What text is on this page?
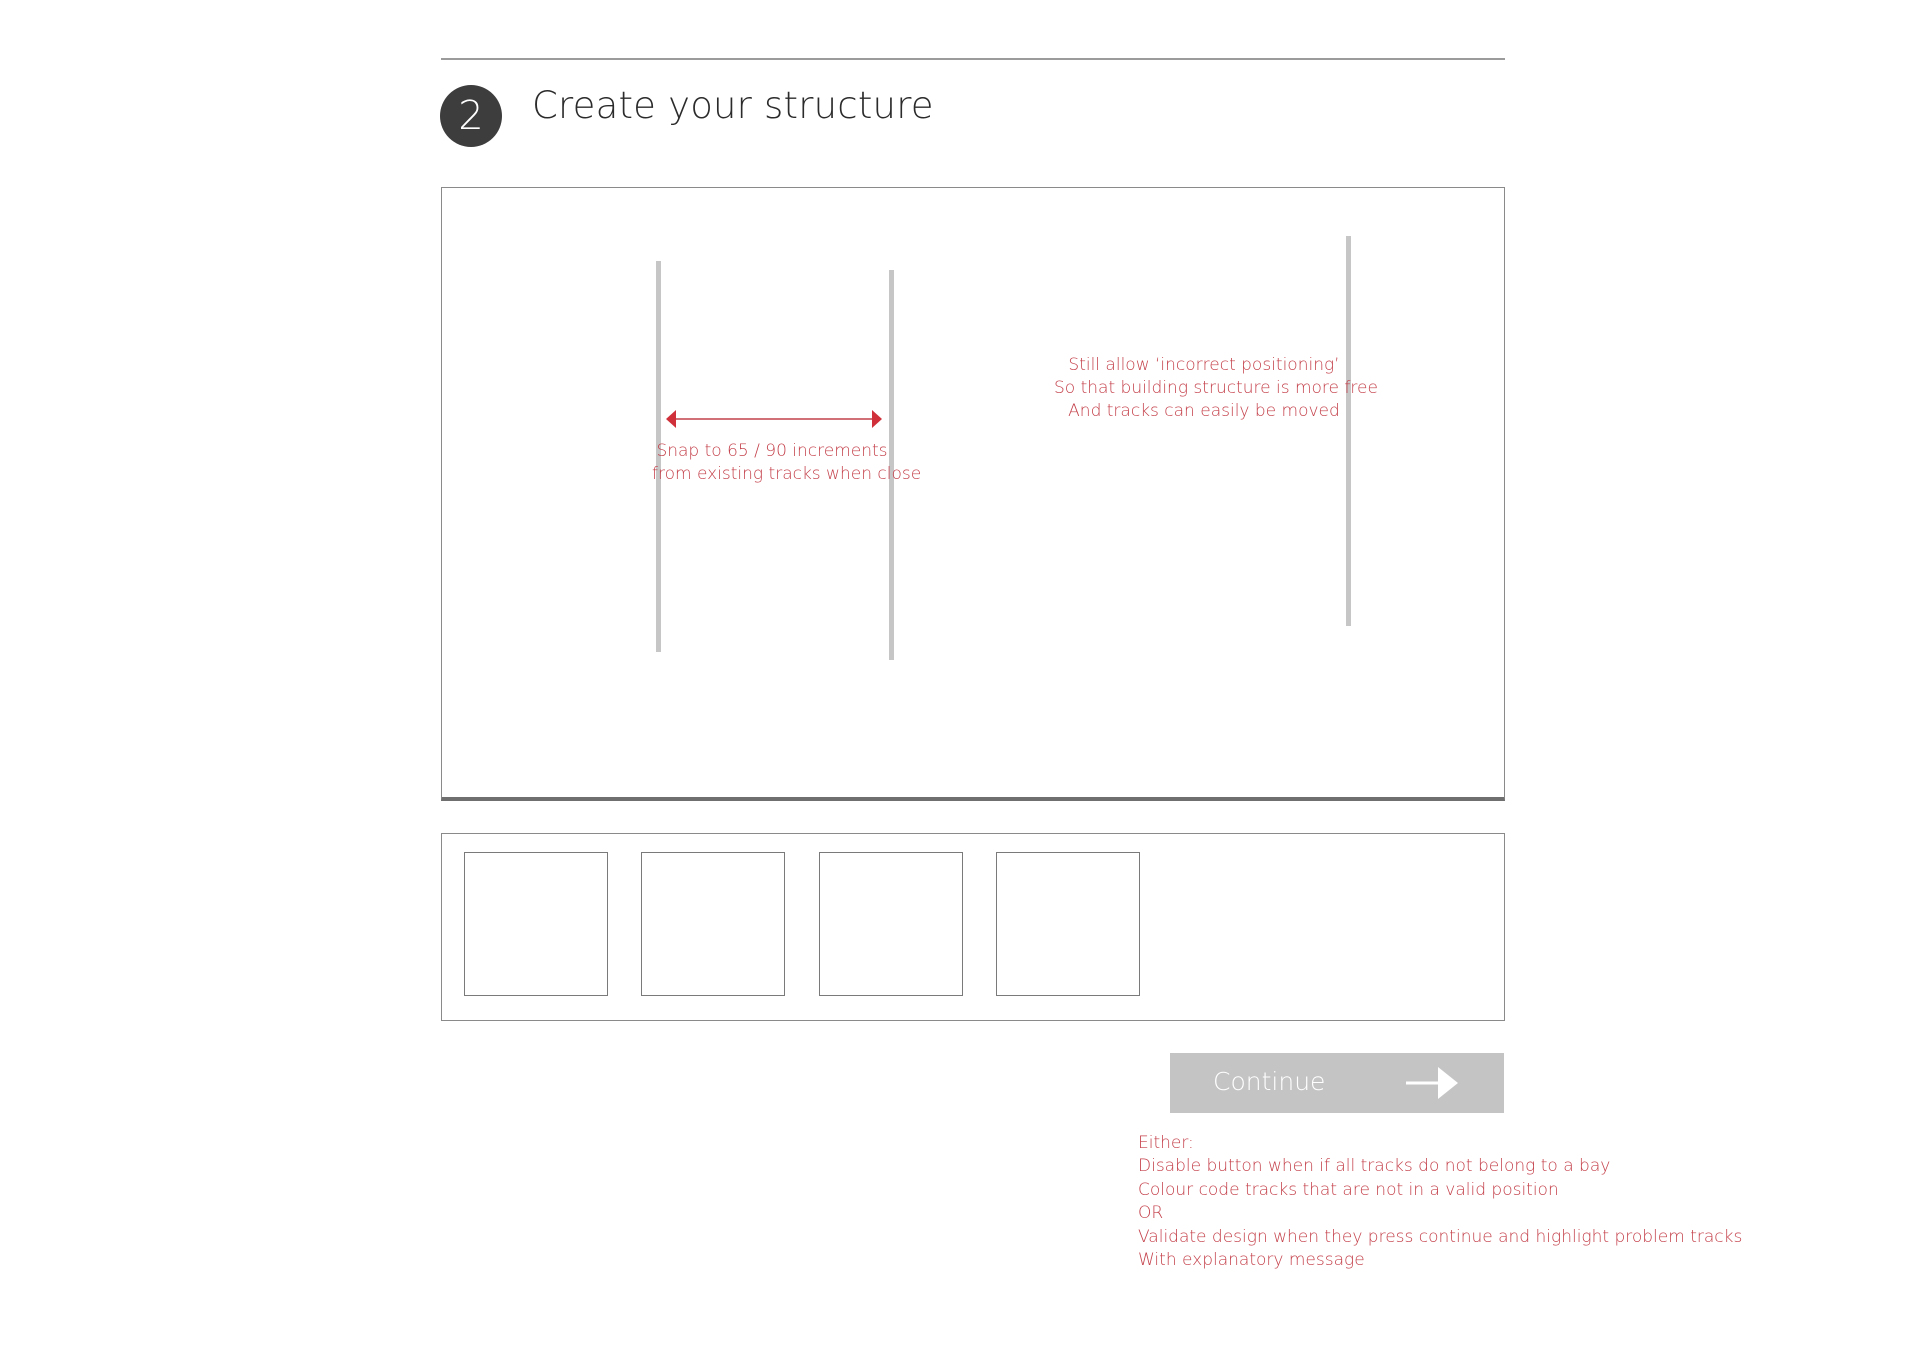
2	Create your structure
Snap to 65 / 90 increments
from existing tracks when close
Still allow ‘incorrect positioning’
So that building structure is more free
And tracks can easily be moved
Continue
Either:
Disable button when if all tracks do not belong to a bay
Colour code tracks that are not in a valid position
OR
Validate design when they press continue and highlight problem tracks
With explanatory message
